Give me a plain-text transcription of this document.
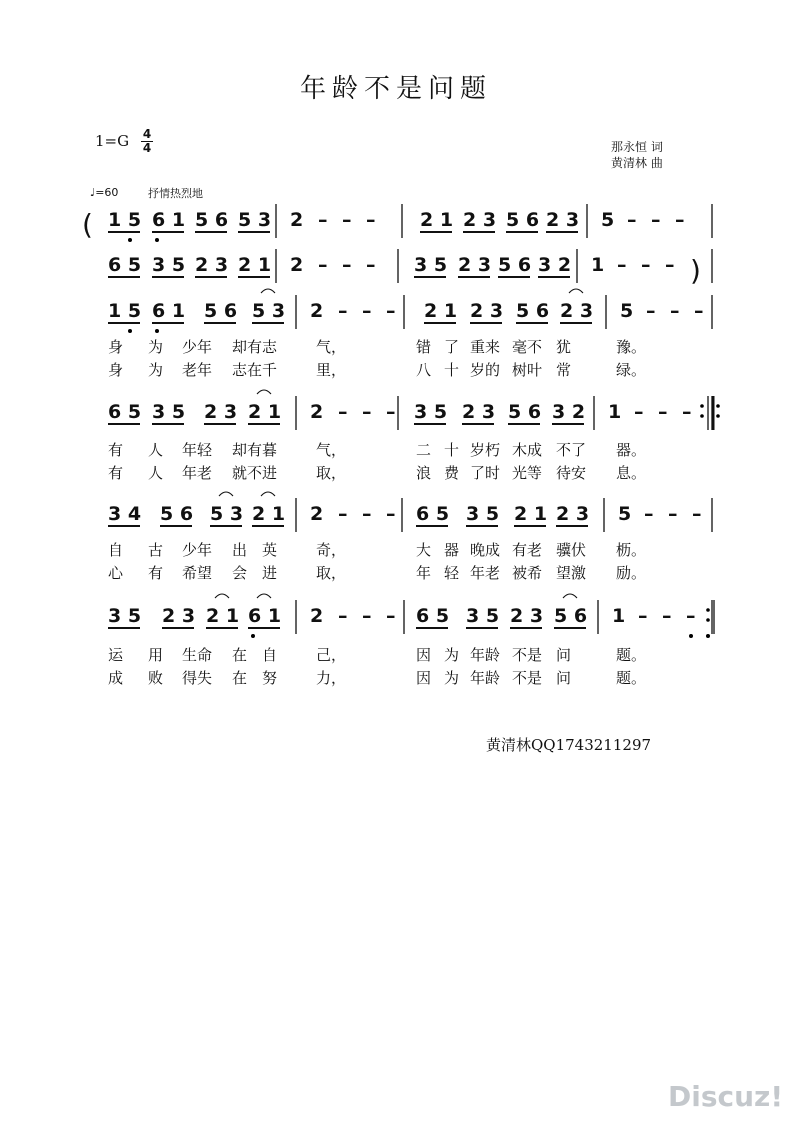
年龄不是问题
$1=G \frac{4}{4}$	那永恒 词
黄清林 曲
♩=60	抒情热烈地
1 5 6 1 5 6 5 3 2 – – – 2 1 2 3 5 6 2 3 5 – – –
6 5 3 5 2 3 2 1 2 – – – 3 5 2 3 5 6 3 2 1 – – –
1 5 6 1 5 6 5 3 2 – – – 2 1 2 3 5 6 2 3 5 – – –
身 为 少年 却有 志	气，	错 了 重来 毫不 犹	豫。
身 为 老年 志在 千	里，	八 十 岁的 树叶 常	绿。
6 5 3 5 2 3 2 1 2 – – – 3 5 2 3 5 6 3 2 1 – – –
有 人 年轻 却有 暮	气，	二 十 岁朽 木成 不了 器。
有 人 年老 就不 进	取，	浪 费 了时 光等 待安 息。
3 4 5 6 5 3 2 1 2 – – – 6 5 3 5 2 1 2 3 5 – – –
自 古 少年 出 英	奇，	大 器 晚成 有老 骥伏 枥。
心 有 希望 会 进	取，	年 轻 年老 被希 望激 励。
3 5 2 3 2 1 6 1 2 – – – 6 5 3 5 2 3 5 6 1 – – –
运 用 生命 在 自	己，	因 为 年龄 不是 问	题。
成 败 得失 在 努	力，	因 为 年龄 不是 问	题。
(
)
黄清林QQ1743211297
Discuz!
